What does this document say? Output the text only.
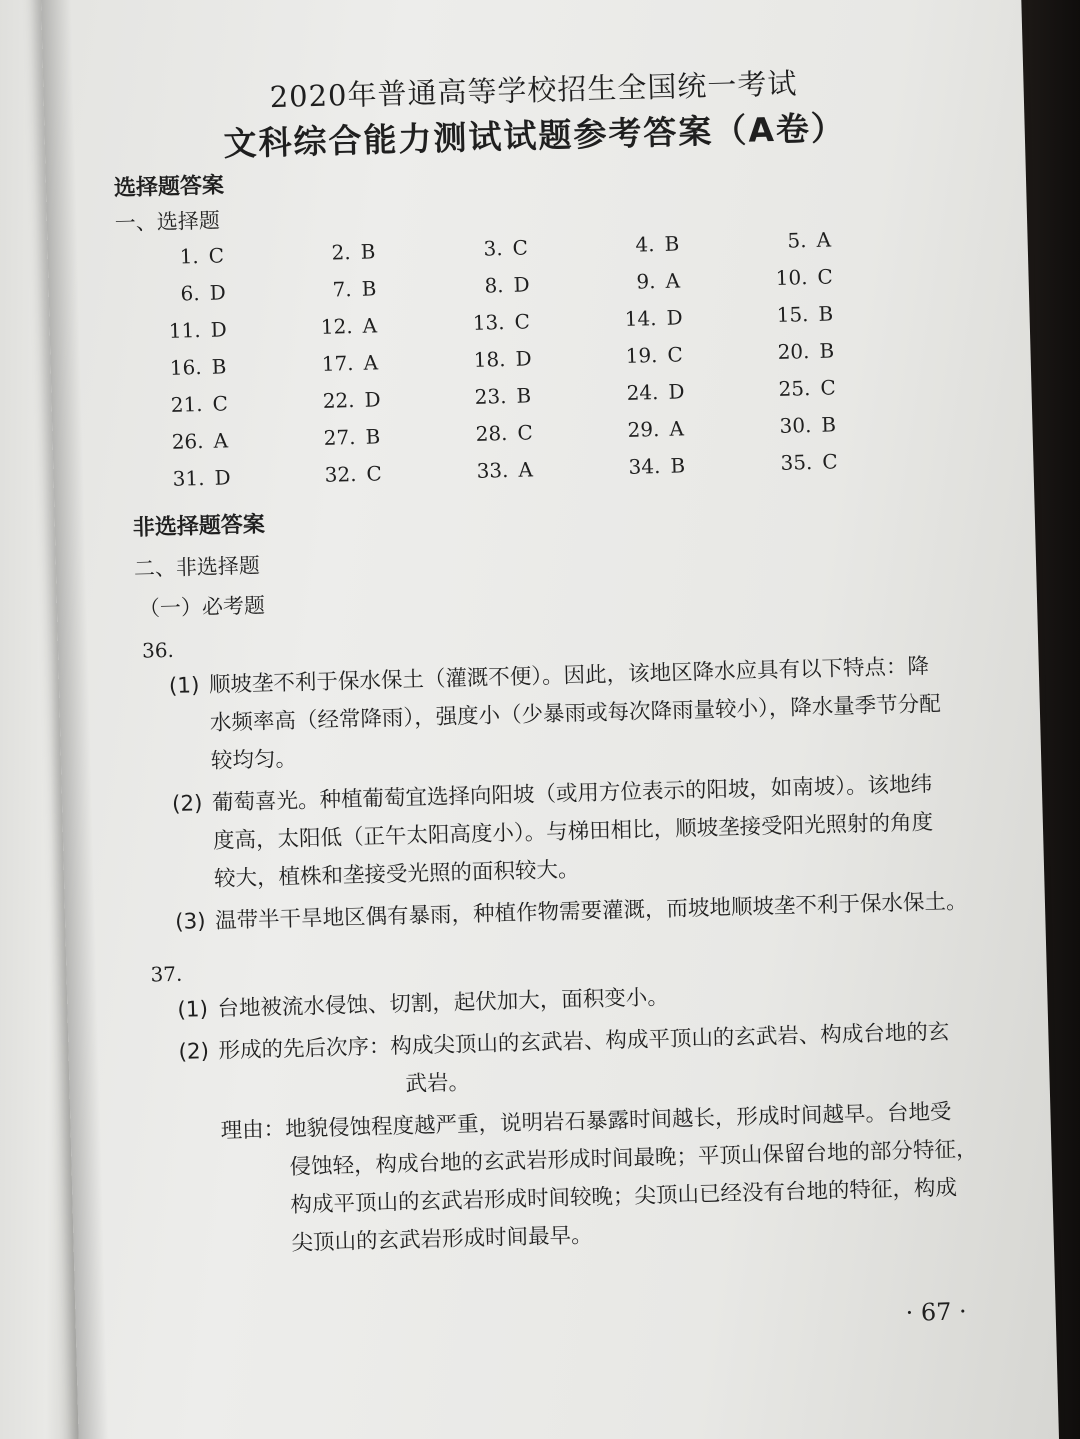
2020年普通高等学校招生全国统一考试
文科综合能力测试试题参考答案（A卷）
选择题答案
一、选择题
1. C	2. B	3. C	4. B	5. A
6. D	7. B	8. D	9. A	10. C
11. D	12. A	13. C	14. D	15. B
16. B	17. A	18. D	19. C	20. B
21. C	22. D	23. B	24. D	25. C
26. A	27. B	28. C	29. A	30. B
31. D	32. C	33. A	34. B	35. C
非选择题答案
二、非选择题
（一）必考题
36.
(1) 顺坡垄不利于保水保土（灌溉不便）。因此，该地区降水应具有以下特点：降
水频率高（经常降雨），强度小（少暴雨或每次降雨量较小），降水量季节分配
较均匀。
(2) 葡萄喜光。种植葡萄宜选择向阳坡（或用方位表示的阳坡，如南坡）。该地纬
度高，太阳低（正午太阳高度小）。与梯田相比，顺坡垄接受阳光照射的角度
较大，植株和垄接受光照的面积较大。
(3) 温带半干旱地区偶有暴雨，种植作物需要灌溉，而坡地顺坡垄不利于保水保土。
37.
(1) 台地被流水侵蚀、切割，起伏加大，面积变小。
(2) 形成的先后次序：构成尖顶山的玄武岩、构成平顶山的玄武岩、构成台地的玄
武岩。
理由：地貌侵蚀程度越严重，说明岩石暴露时间越长，形成时间越早。台地受
侵蚀轻，构成台地的玄武岩形成时间最晚；平顶山保留台地的部分特征，
构成平顶山的玄武岩形成时间较晚；尖顶山已经没有台地的特征，构成
尖顶山的玄武岩形成时间最早。
· 67 ·
